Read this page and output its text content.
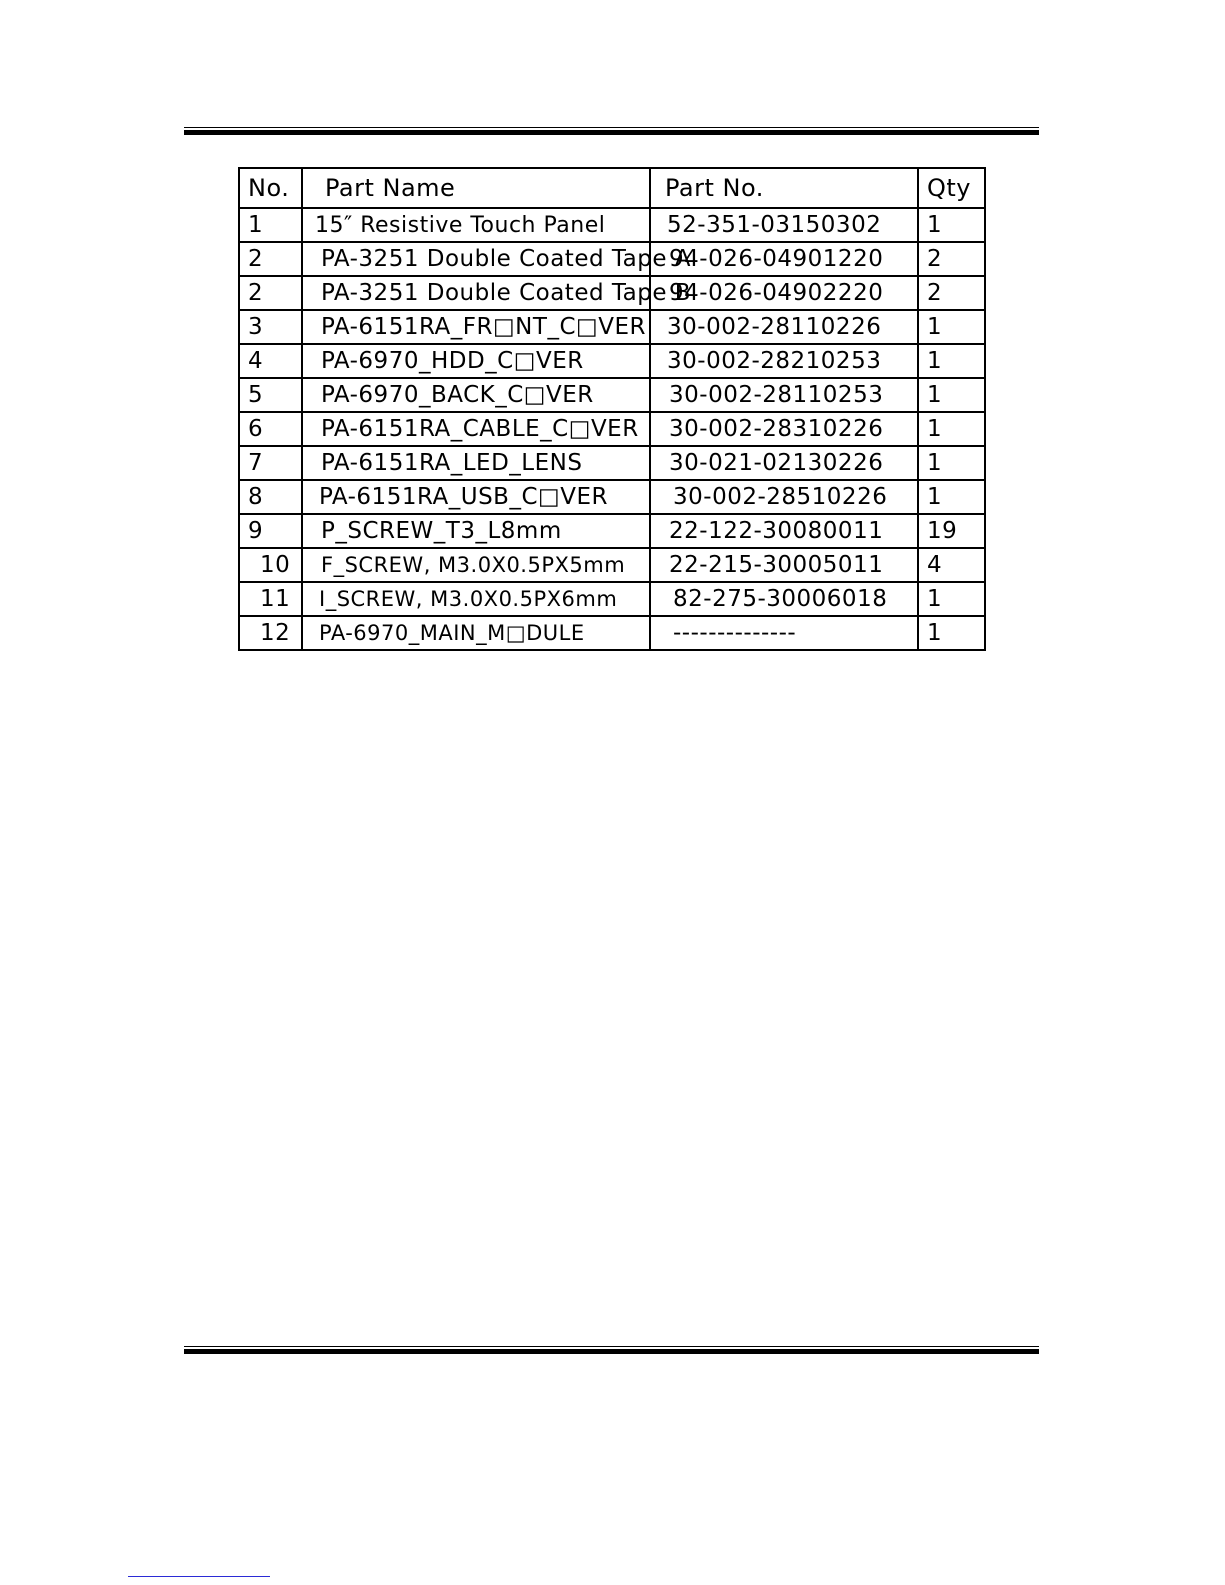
No.	Part Name	Part No.	Qty
1	15″ Resistive Touch Panel	52-351-03150302	1
2	PA-3251 Double Coated Tape A	94-026-04901220	2
2	PA-3251 Double Coated Tape B	94-026-04902220	2
3	PA-6151RA_FR□NT_C□VER	30-002-28110226	1
4	PA-6970_HDD_C□VER	30-002-28210253	1
5	PA-6970_BACK_C□VER	30-002-28110253	1
6	PA-6151RA_CABLE_C□VER	30-002-28310226	1
7	PA-6151RA_LED_LENS	30-021-02130226	1
8	PA-6151RA_USB_C□VER	30-002-28510226	1
9	P_SCREW_T3_L8mm	22-122-30080011	19
10	F_SCREW, M3.0X0.5PX5mm	22-215-30005011	4
11	I_SCREW, M3.0X0.5PX6mm	82-275-30006018	1
12	PA-6970_MAIN_M□DULE	--------------	1
